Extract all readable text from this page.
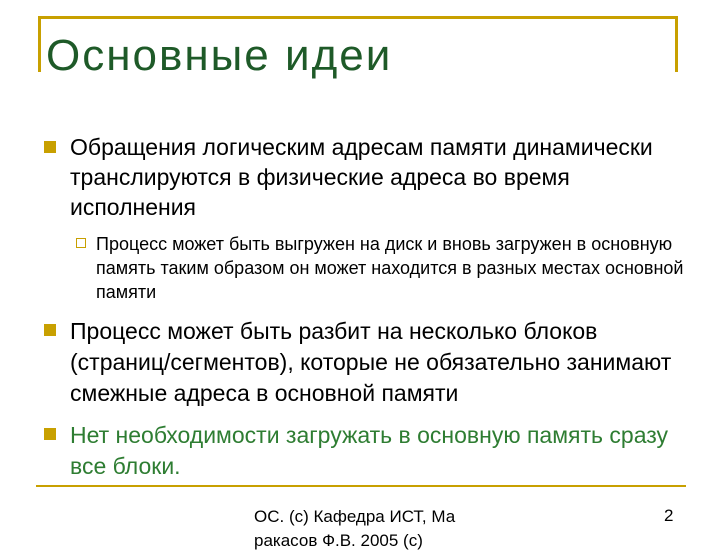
Основные идеи
Обращения логическим адресам памяти динамически транслируются в физические адреса во время исполнения
Процесс может быть выгружен на диск и вновь загружен в основную память таким образом он может находится в разных местах основной памяти
Процесс может быть разбит на несколько блоков (страниц/сегментов), которые не обязательно занимают смежные адреса в основной памяти
Нет необходимости загружать в основную память сразу все блоки.
ОС. (c) Кафедра ИСТ, Ма ракасов Ф.В. 2005 (c)
2
